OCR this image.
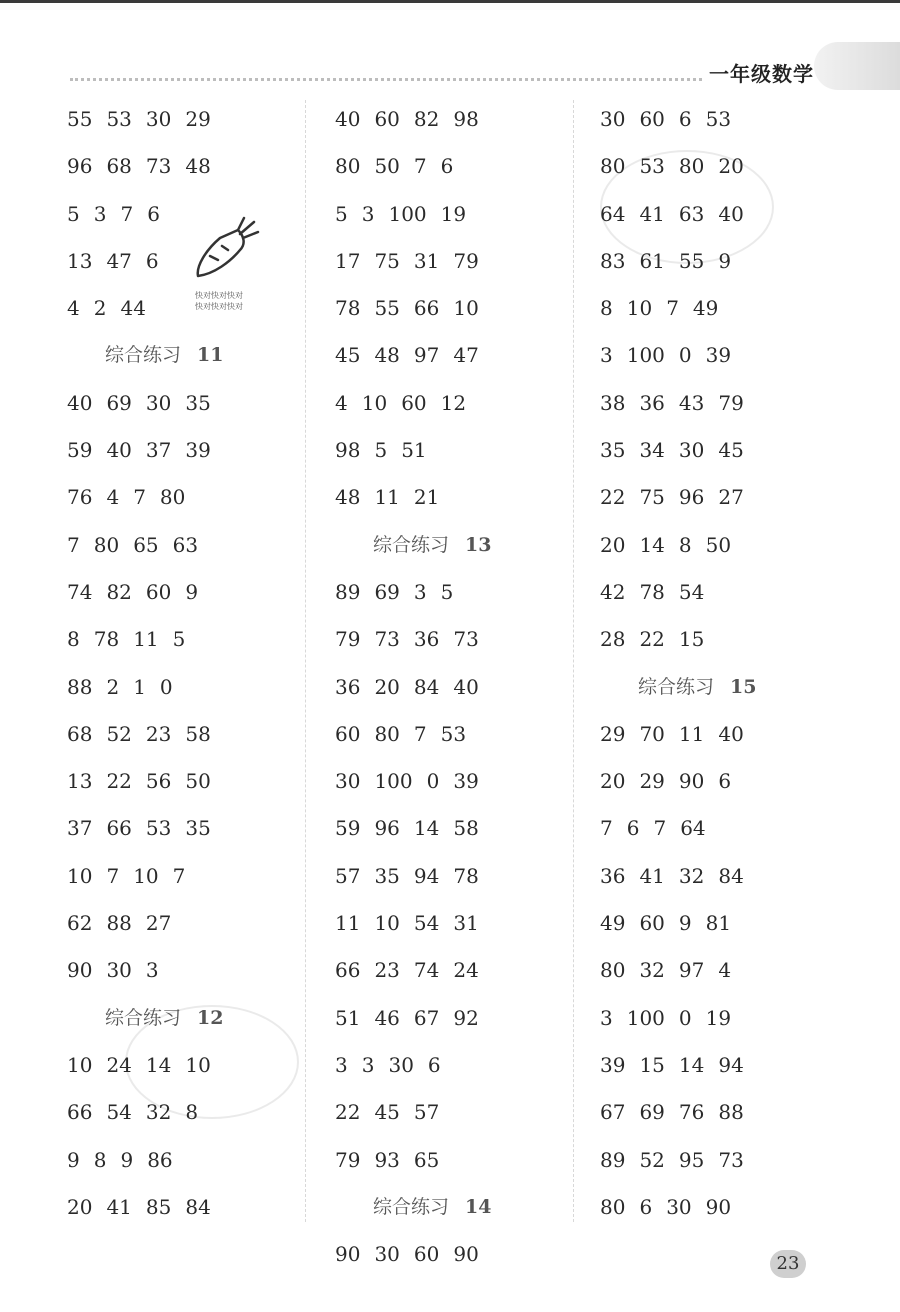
一年级数学
55 53 30 29
96 68 73 48
5 3 7 6
13 47 6
4 2 44
综合练习 11
40 69 30 35
59 40 37 39
76 4 7 80
7 80 65 63
74 82 60 9
8 78 11 5
88 2 1 0
68 52 23 58
13 22 56 50
37 66 53 35
10 7 10 7
62 88 27
90 30 3
综合练习 12
10 24 14 10
66 54 32 8
9 8 9 86
20 41 85 84
40 60 82 98
80 50 7 6
5 3 100 19
17 75 31 79
78 55 66 10
45 48 97 47
4 10 60 12
98 5 51
48 11 21
综合练习 13
89 69 3 5
79 73 36 73
36 20 84 40
60 80 7 53
30 100 0 39
59 96 14 58
57 35 94 78
11 10 54 31
66 23 74 24
51 46 67 92
3 3 30 6
22 45 57
79 93 65
综合练习 14
90 30 60 90
30 60 6 53
80 53 80 20
64 41 63 40
83 61 55 9
8 10 7 49
3 100 0 39
38 36 43 79
35 34 30 45
22 75 96 27
20 14 8 50
42 78 54
28 22 15
综合练习 15
29 70 11 40
20 29 90 6
7 6 7 64
36 41 32 84
49 60 9 81
80 32 97 4
3 100 0 19
39 15 14 94
67 69 76 88
89 52 95 73
80 6 30 90
快对快对快对
快对快对快对
23
